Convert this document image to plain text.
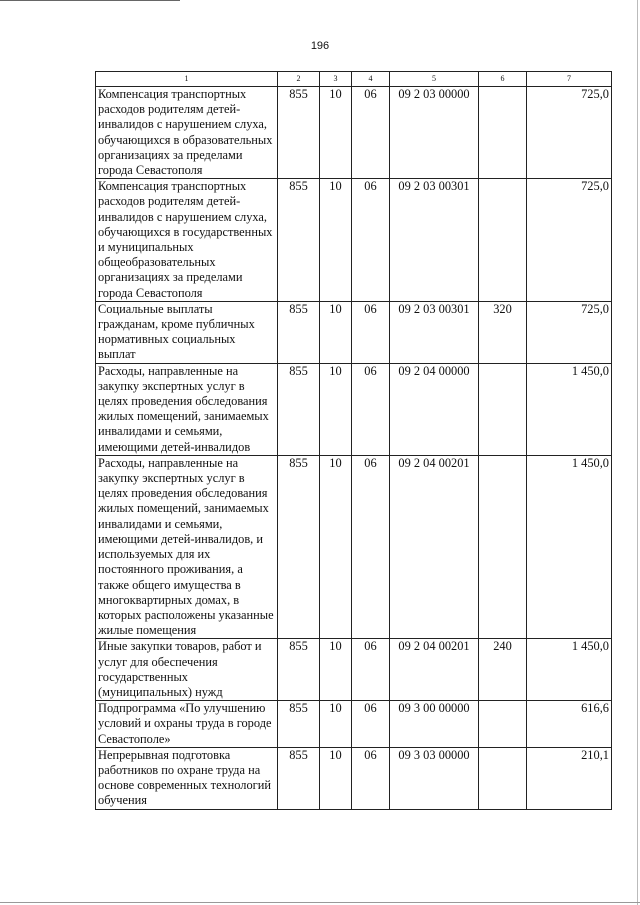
196
1	2	3	4	5	6	7
Компенсация транспортных расходов родителям детей-инвалидов с нарушением слуха, обучающихся в образовательных организациях за пределами города Севастополя	855	10	06	09 2 03 00000		725,0
Компенсация транспортных расходов родителям детей-инвалидов с нарушением слуха, обучающихся в государственных и муниципальных общеобразовательных организациях за пределами города Севастополя	855	10	06	09 2 03 00301		725,0
Социальные выплаты гражданам, кроме публичных нормативных социальных выплат	855	10	06	09 2 03 00301	320	725,0
Расходы, направленные на закупку экспертных услуг в целях проведения обследования жилых помещений, занимаемых инвалидами и семьями, имеющими детей-инвалидов	855	10	06	09 2 04 00000		1 450,0
Расходы, направленные на закупку экспертных услуг в целях проведения обследования жилых помещений, занимаемых инвалидами и семьями, имеющими детей-инвалидов, и используемых для их постоянного проживания, а также общего имущества в многоквартирных домах, в которых расположены указанные жилые помещения	855	10	06	09 2 04 00201		1 450,0
Иные закупки товаров, работ и услуг для обеспечения государственных (муниципальных) нужд	855	10	06	09 2 04 00201	240	1 450,0
Подпрограмма «По улучшению условий и охраны труда в городе Севастополе»	855	10	06	09 3 00 00000		616,6
Непрерывная подготовка работников по охране труда на основе современных технологий обучения	855	10	06	09 3 03 00000		210,1
